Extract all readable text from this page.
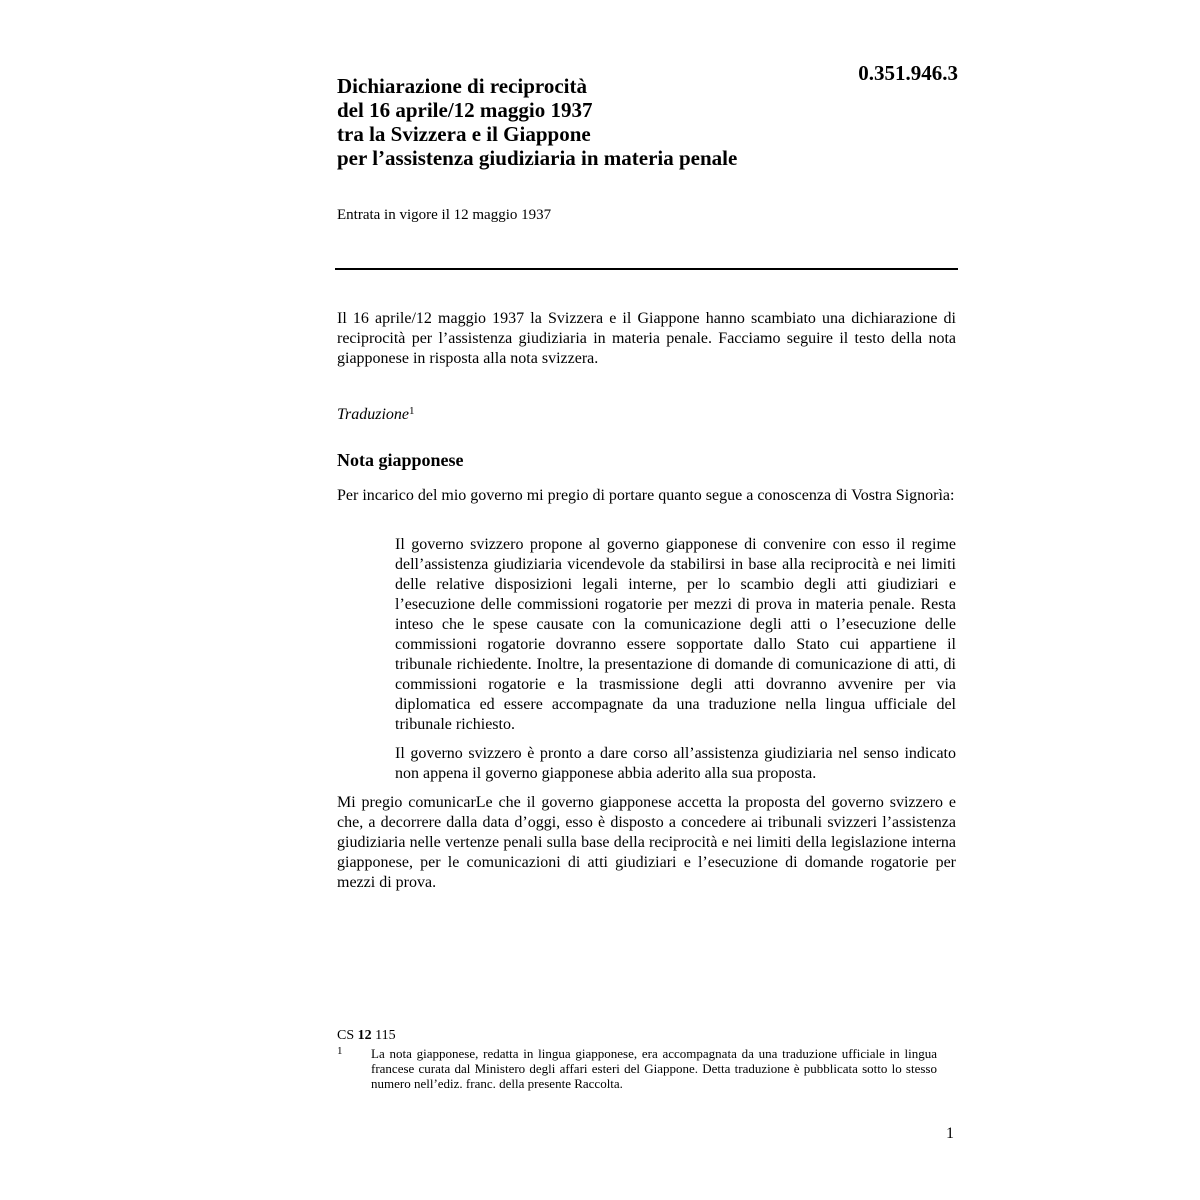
0.351.946.3
Dichiarazione di reciprocità
del 16 aprile/12 maggio 1937
tra la Svizzera e il Giappone
per l’assistenza giudiziaria in materia penale
Entrata in vigore il 12 maggio 1937

Il 16 aprile/12 maggio 1937 la Svizzera e il Giappone hanno scambiato una dichiarazione di reciprocità per l’assistenza giudiziaria in materia penale. Facciamo seguire il testo della nota giapponese in risposta alla nota svizzera.

Traduzione$^1$
Nota giapponese

Per incarico del mio governo mi pregio di portare quanto segue a conoscenza di Vostra Signorìa:

Il governo svizzero propone al governo giapponese di convenire con esso il regime dell’assistenza giudiziaria vicendevole da stabilirsi in base alla reciprocità e nei limiti delle relative disposizioni legali interne, per lo scambio degli atti giudiziari e l’esecuzione delle commissioni rogatorie per mezzi di prova in materia penale. Resta inteso che le spese causate con la comunicazione degli atti o l’esecuzione delle commissioni rogatorie dovranno essere sopportate dallo Stato cui appartiene il tribunale richiedente. Inoltre, la presentazione di domande di comunicazione di atti, di commissioni rogatorie e la trasmissione degli atti dovranno avvenire per via diplomatica ed essere accompagnate da una traduzione nella lingua ufficiale del tribunale richiesto.

Il governo svizzero è pronto a dare corso all’assistenza giudiziaria nel senso indicato non appena il governo giapponese abbia aderito alla sua proposta.

Mi pregio comunicarLe che il governo giapponese accetta la proposta del governo svizzero e che, a decorrere dalla data d’oggi, esso è disposto a concedere ai tribunali svizzeri l’assistenza giudiziaria nelle vertenze penali sulla base della reciprocità e nei limiti della legislazione interna giapponese, per le comunicazioni di atti giudiziari e l’esecuzione di domande rogatorie per mezzi di prova.

CS 12 115
1 La nota giapponese, redatta in lingua giapponese, era accompagnata da una traduzione ufficiale in lingua francese curata dal Ministero degli affari esteri del Giappone. Detta traduzione è pubblicata sotto lo stesso numero nell’ediz. franc. della presente Raccolta.
1
